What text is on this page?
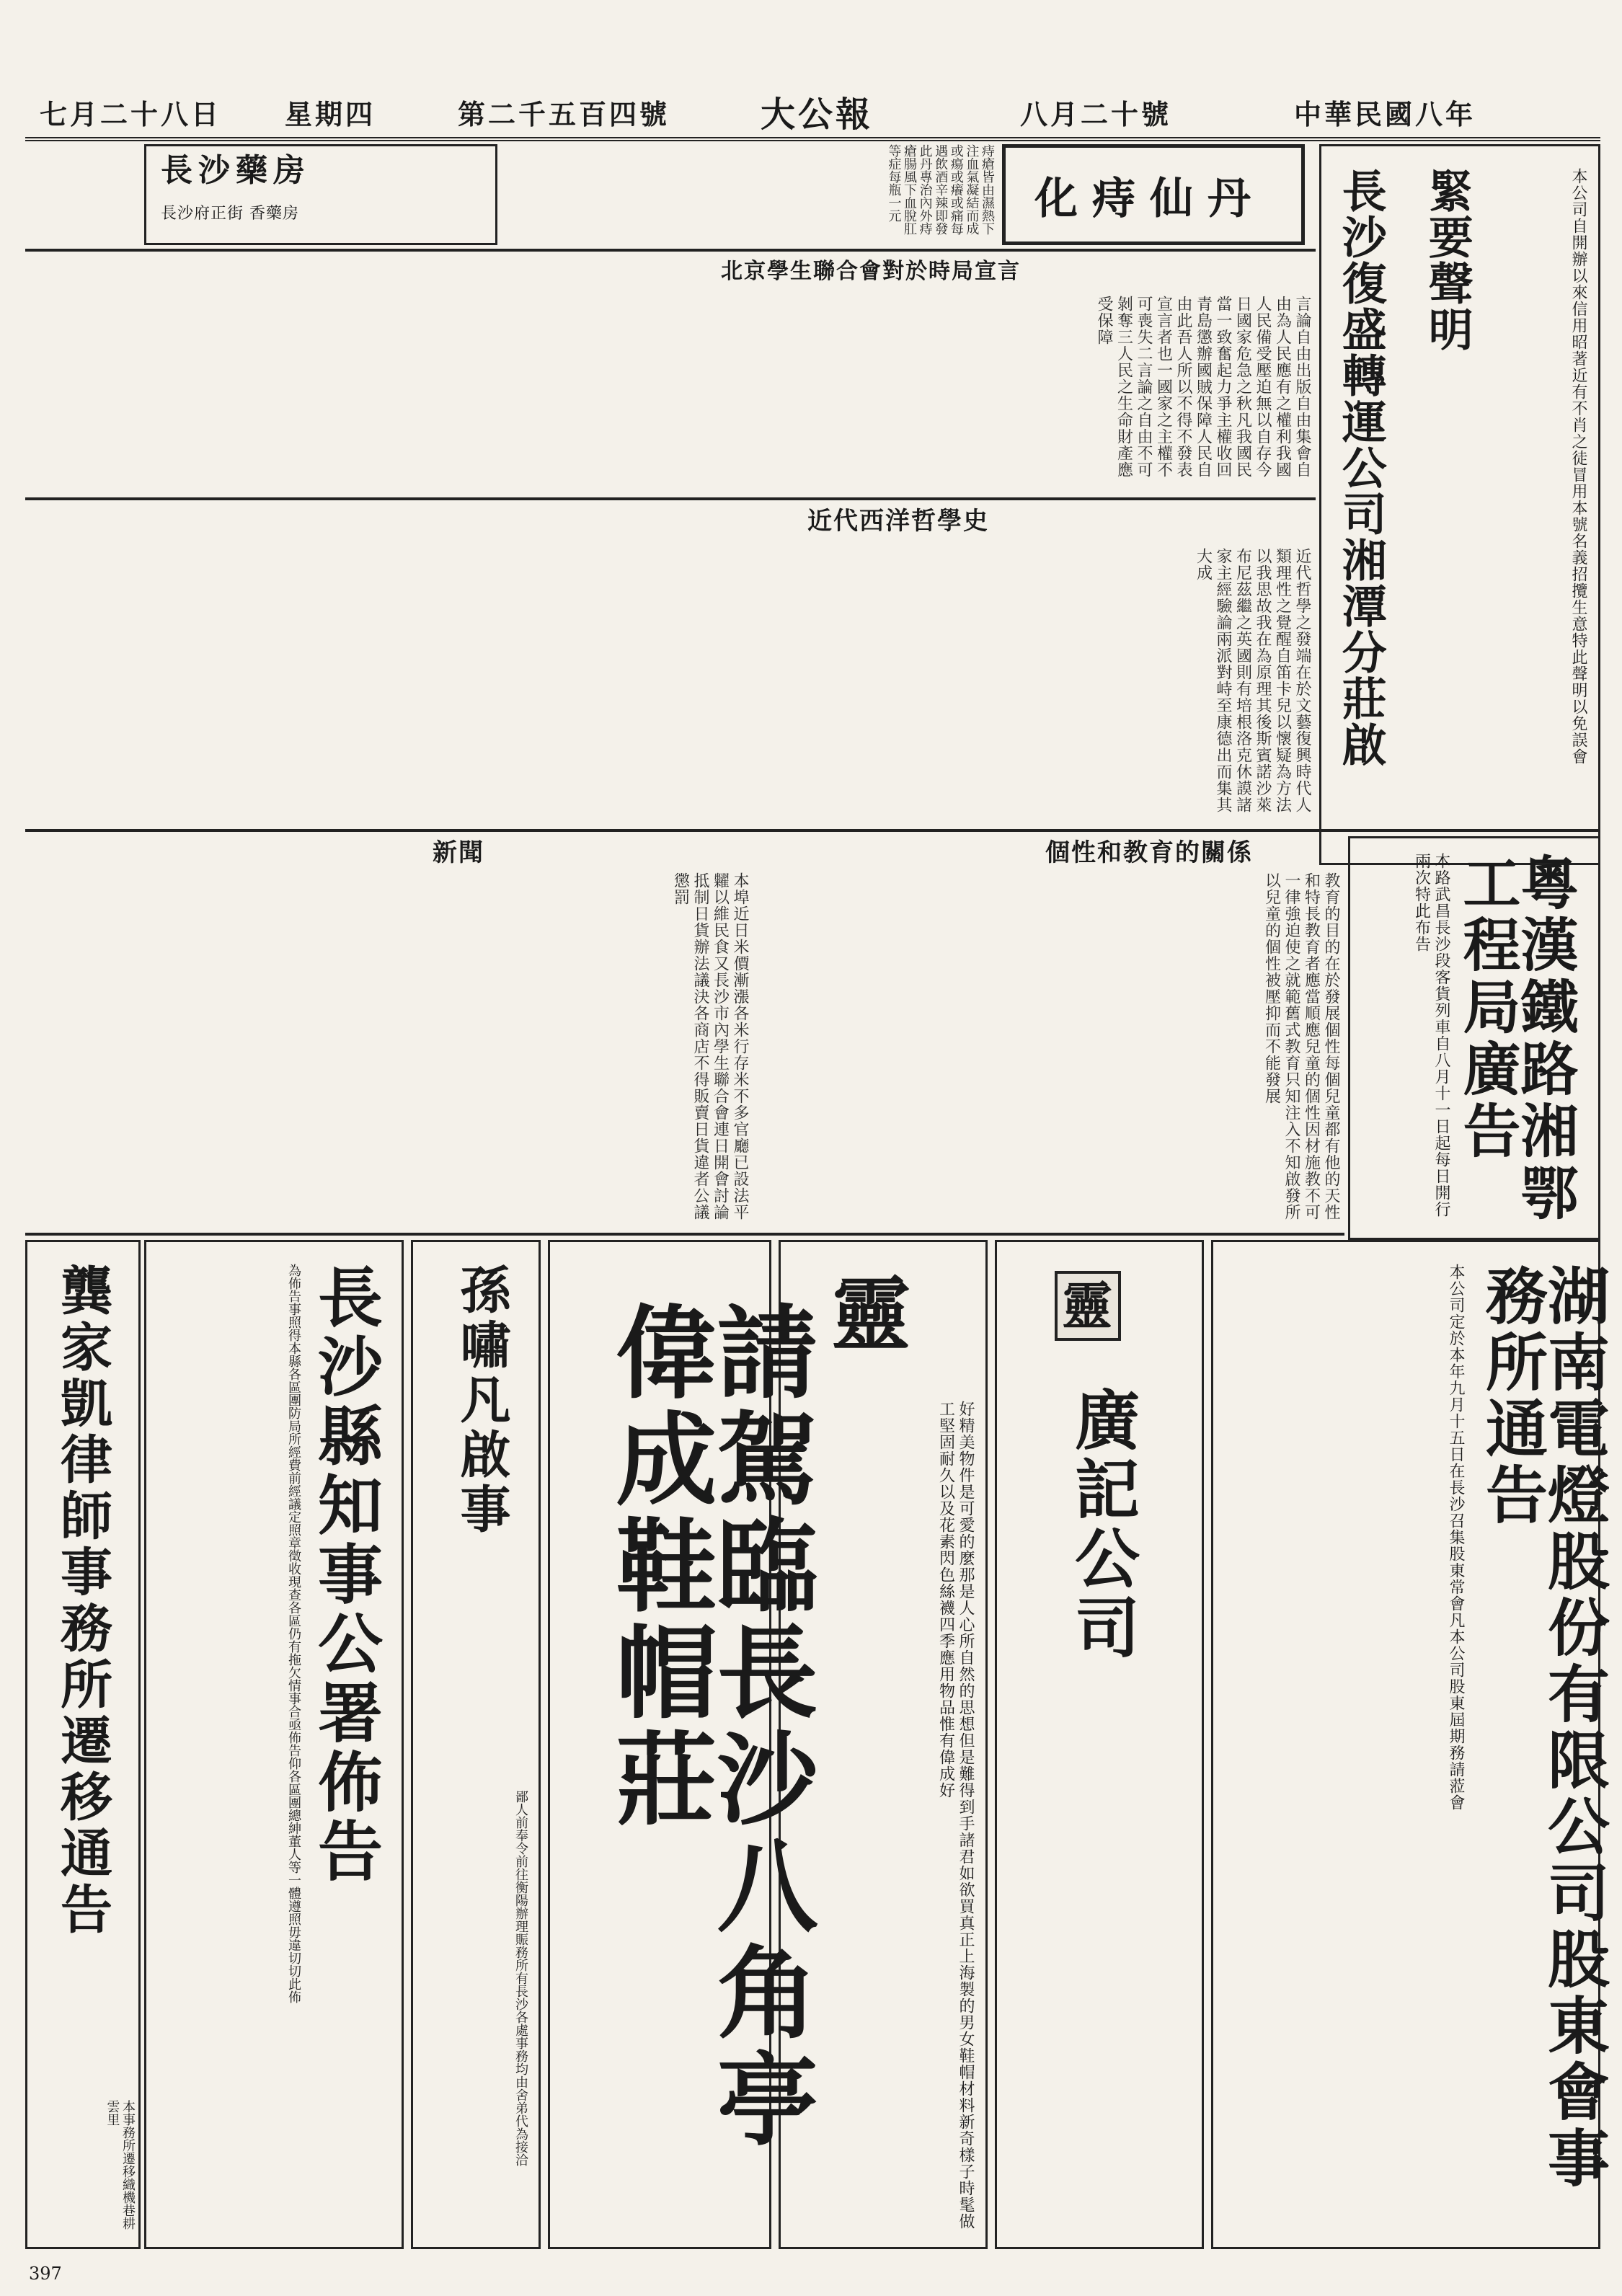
七月二十八日 星期四	第二千五百四號	大公報	八月二十號	中華民國八年
化痔仙丹
痔瘡皆由濕熱下注血氣凝結而成或瘍或癢或痛每遇飲酒辛辣即發此丹專治內外痔瘡腸風下血脫肛等症每瓶一元
長沙藥房
長沙府正街 香藥房	長沙復盛轉運公司湘潭分莊啟 緊要聲明	本公司自開辦以來信用昭著近有不肖之徒冒用本號名義招攬生意特此聲明以免誤會
北京學生聯合會對於時局宣言
言論自由出版自由集會自由為人民應有之權利我國人民備受壓迫無以自存今日國家危急之秋凡我國民當一致奮起力爭主權收回青島懲辦國賊保障人民自由此吾人所以不得不發表宣言者也一國家之主權不可喪失二言論之自由不可剝奪三人民之生命財產應受保障
近代西洋哲學史
近代哲學之發端在於文藝復興時代人類理性之覺醒自笛卡兒以懷疑為方法以我思故我在為原理其後斯賓諾沙萊布尼茲繼之英國則有培根洛克休謨諸家主經驗論兩派對峙至康德出而集其大成
個性和教育的關係
教育的目的在於發展個性每個兒童都有他的天性和特長教育者應當順應兒童的個性因材施教不可一律強迫使之就範舊式教育只知注入不知啟發所以兒童的個性被壓抑而不能發展
新聞
本埠近日米價漸漲各米行存米不多官廳已設法平糶以維民食又長沙市內學生聯合會連日開會討論抵制日貨辦法議決各商店不得販賣日貨違者公議懲罰	粵漢鐵路湘鄂工程局廣告
本路武昌長沙段客貨列車自八月十一日起每日開行兩次特此布告
湖南電燈股份有限公司股東會事務所通告
本公司定於本年九月十五日在長沙召集股東常會凡本公司股東屆期務請蒞會
廣記公司
靈
靈
好精美物件是可愛的麼那是人心所自然的思想但是難得到手諸君如欲買真正上海製的男女鞋帽材料新奇樣子時髦做工堅固耐久以及花素閃色絲襪四季應用物品惟有偉成好
請駕臨長沙八角亭偉成鞋帽莊
孫嘯凡啟事
鄙人前奉令前往衡陽辦理賑務所有長沙各處事務均由舍弟代為接洽
長沙縣知事公署佈告
為佈告事照得本縣各區團防局所經費前經議定照章徵收現查各區仍有拖欠情事合亟佈告仰各區團總紳董人等一體遵照毋違切切此佈
龔家凱律師事務所遷移通告
本事務所遷移織機巷耕雲里
397
